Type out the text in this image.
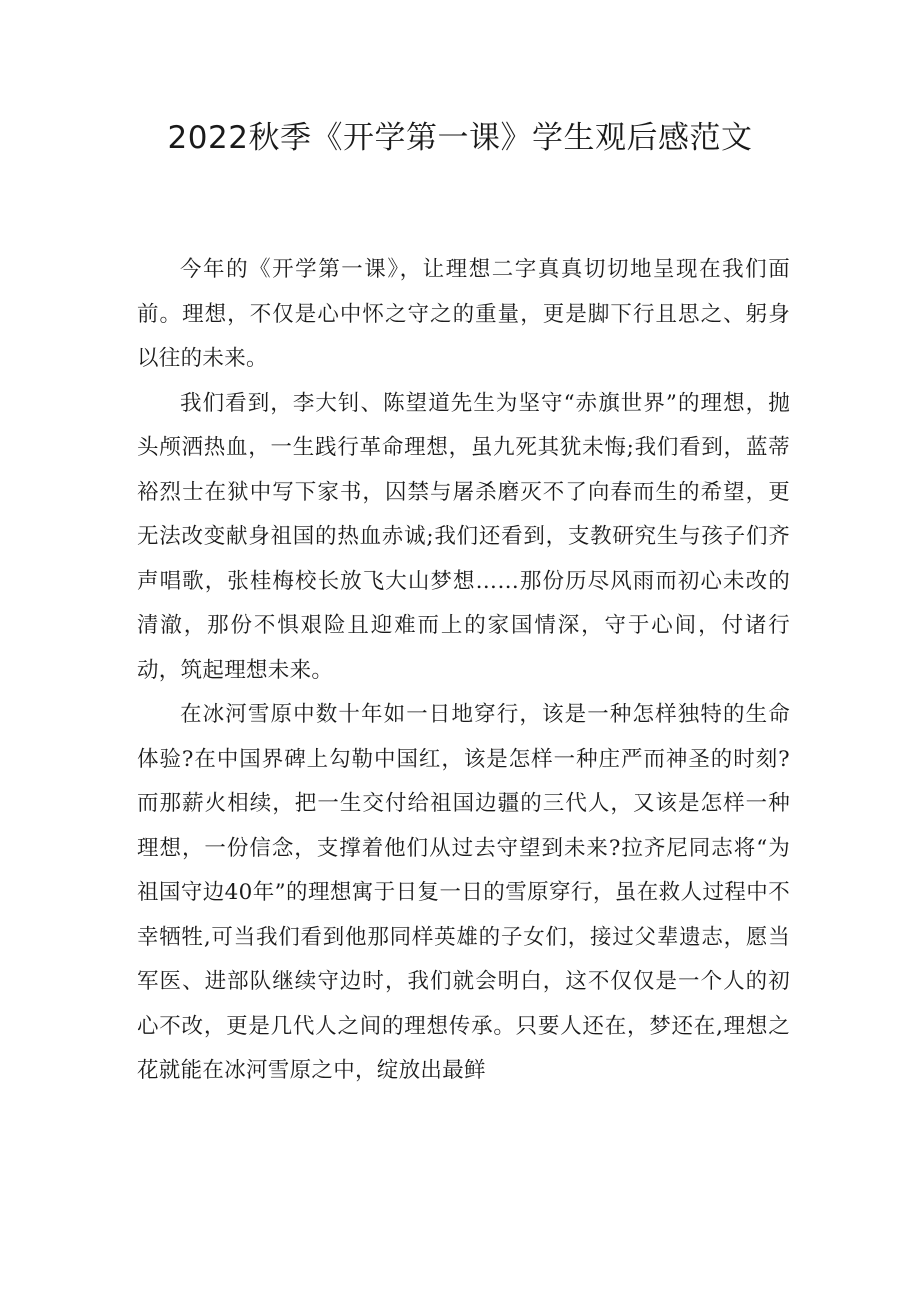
2022秋季《开学第一课》学生观后感范文

今年的《开学第一课》，让理想二字真真切切地呈现在我们面前。理想，不仅是心中怀之守之的重量，更是脚下行且思之、躬身以往的未来。

我们看到，李大钊、陈望道先生为坚守“赤旗世界”的理想，抛头颅洒热血，一生践行革命理想，虽九死其犹未悔;我们看到，蓝蒂裕烈士在狱中写下家书，囚禁与屠杀磨灭不了向春而生的希望，更无法改变献身祖国的热血赤诚;我们还看到，支教研究生与孩子们齐声唱歌，张桂梅校长放飞大山梦想……那份历尽风雨而初心未改的清澈，那份不惧艰险且迎难而上的家国情深，守于心间，付诸行动，筑起理想未来。

在冰河雪原中数十年如一日地穿行，该是一种怎样独特的生命体验?在中国界碑上勾勒中国红，该是怎样一种庄严而神圣的时刻?而那薪火相续，把一生交付给祖国边疆的三代人，又该是怎样一种理想，一份信念，支撑着他们从过去守望到未来?拉齐尼同志将“为祖国守边40年”的理想寓于日复一日的雪原穿行，虽在救人过程中不幸牺牲,可当我们看到他那同样英雄的子女们，接过父辈遗志，愿当军医、进部队继续守边时，我们就会明白，这不仅仅是一个人的初心不改，更是几代人之间的理想传承。只要人还在，梦还在,理想之花就能在冰河雪原之中，绽放出最鲜
